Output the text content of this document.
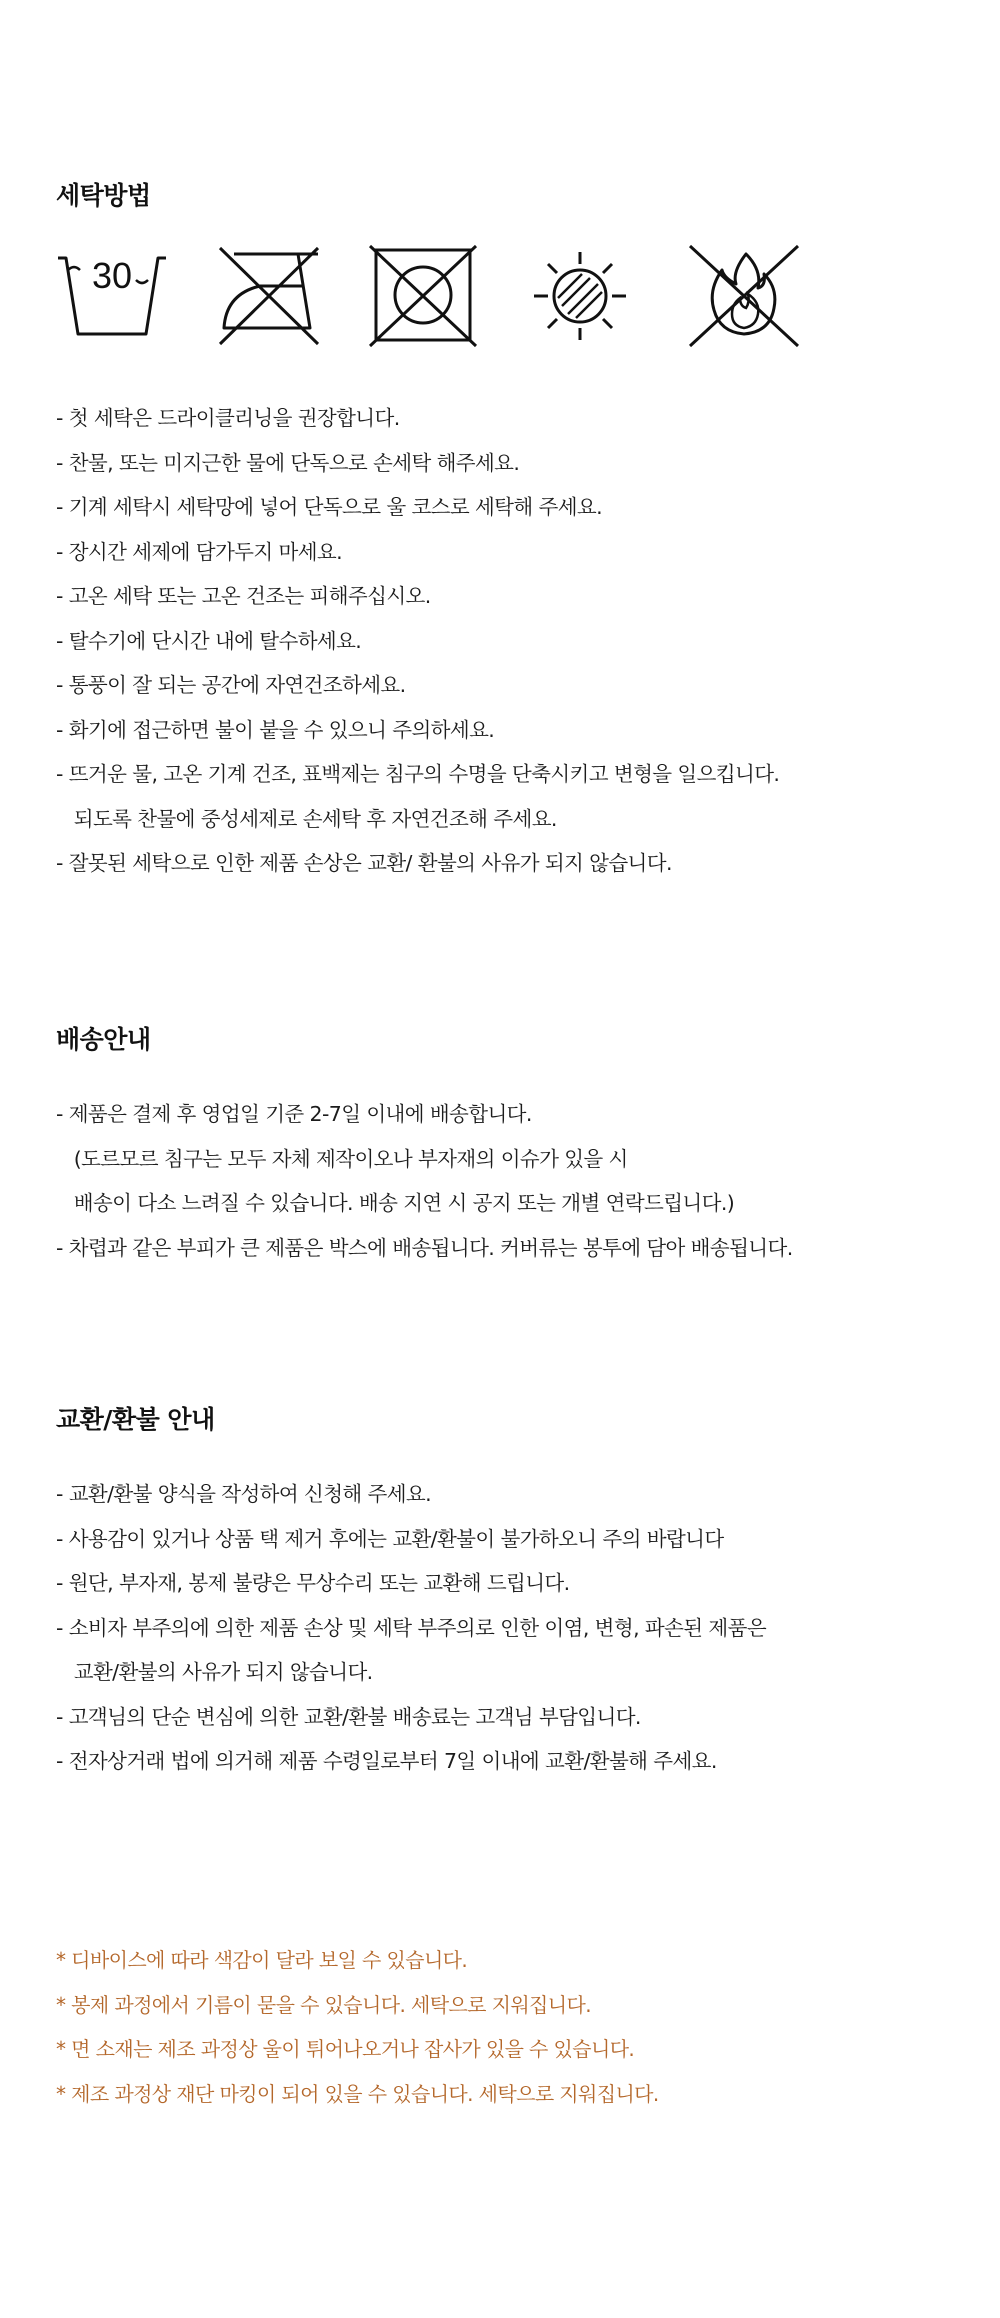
세탁방법
30
- 첫 세탁은 드라이클리닝을 권장합니다.
- 찬물, 또는 미지근한 물에 단독으로 손세탁 해주세요.
- 기계 세탁시 세탁망에 넣어 단독으로 울 코스로 세탁해 주세요.
- 장시간 세제에 담가두지 마세요.
- 고온 세탁 또는 고온 건조는 피해주십시오.
- 탈수기에 단시간 내에 탈수하세요.
- 통풍이 잘 되는 공간에 자연건조하세요.
- 화기에 접근하면 불이 붙을 수 있으니 주의하세요.
- 뜨거운 물, 고온 기계 건조, 표백제는 침구의 수명을 단축시키고 변형을 일으킵니다.
되도록 찬물에 중성세제로 손세탁 후 자연건조해 주세요.
- 잘못된 세탁으로 인한 제품 손상은 교환/ 환불의 사유가 되지 않습니다.
배송안내
- 제품은 결제 후 영업일 기준 2-7일 이내에 배송합니다.
(도르모르 침구는 모두 자체 제작이오나 부자재의 이슈가 있을 시
배송이 다소 느려질 수 있습니다. 배송 지연 시 공지 또는 개별 연락드립니다.)
- 차렵과 같은 부피가 큰 제품은 박스에 배송됩니다. 커버류는 봉투에 담아 배송됩니다.
교환/환불 안내
- 교환/환불 양식을 작성하여 신청해 주세요.
- 사용감이 있거나 상품 택 제거 후에는 교환/환불이 불가하오니 주의 바랍니다
- 원단, 부자재, 봉제 불량은 무상수리 또는 교환해 드립니다.
- 소비자 부주의에 의한 제품 손상 및 세탁 부주의로 인한 이염, 변형, 파손된 제품은
교환/환불의 사유가 되지 않습니다.
- 고객님의 단순 변심에 의한 교환/환불 배송료는 고객님 부담입니다.
- 전자상거래 법에 의거해 제품 수령일로부터 7일 이내에 교환/환불해 주세요.
* 디바이스에 따라 색감이 달라 보일 수 있습니다.
* 봉제 과정에서 기름이 묻을 수 있습니다. 세탁으로 지워집니다.
* 면 소재는 제조 과정상 울이 튀어나오거나 잡사가 있을 수 있습니다.
* 제조 과정상 재단 마킹이 되어 있을 수 있습니다. 세탁으로 지워집니다.
